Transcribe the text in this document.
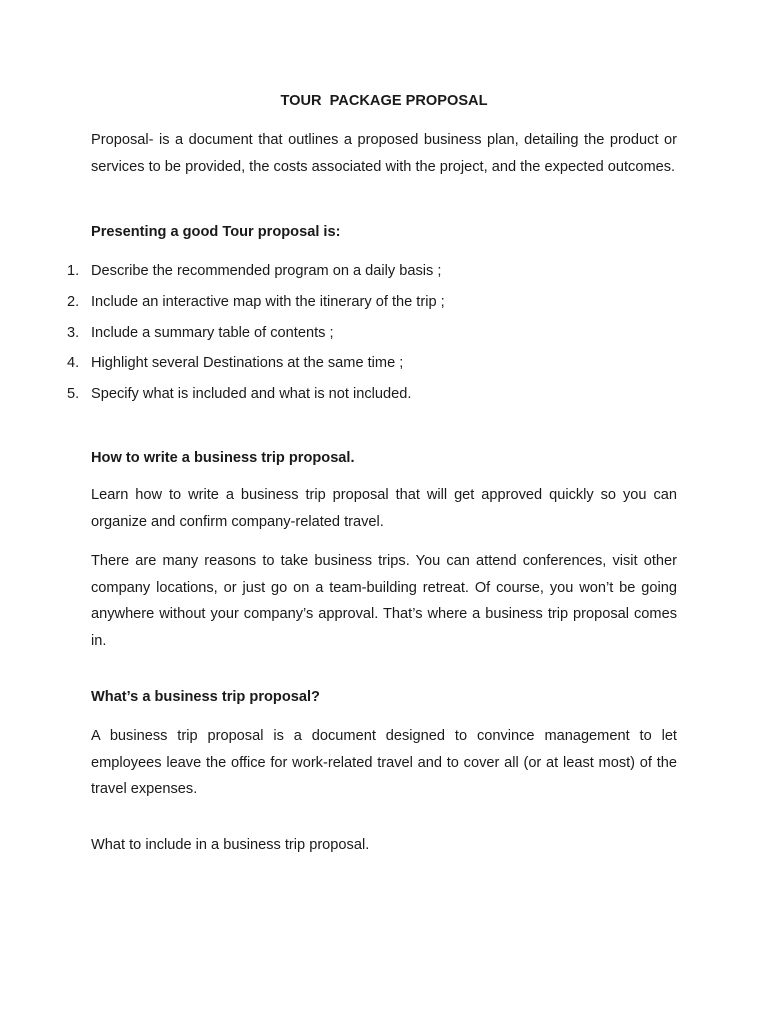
TOUR  PACKAGE PROPOSAL

Proposal- is a document that outlines a proposed business plan, detailing the product or services to be provided, the costs associated with the project, and the expected outcomes.

Presenting a good Tour proposal is:

1. Describe the recommended program on a daily basis ;
2. Include an interactive map with the itinerary of the trip ;
3. Include a summary table of contents ;
4. Highlight several Destinations at the same time ;
5. Specify what is included and what is not included.

How to write a business trip proposal.

Learn how to write a business trip proposal that will get approved quickly so you can organize and confirm company-related travel.

There are many reasons to take business trips. You can attend conferences, visit other company locations, or just go on a team-building retreat. Of course, you won’t be going anywhere without your company’s approval. That’s where a business trip proposal comes in.

What’s a business trip proposal?

A business trip proposal is a document designed to convince management to let employees leave the office for work-related travel and to cover all (or at least most) of the travel expenses.

What to include in a business trip proposal.
